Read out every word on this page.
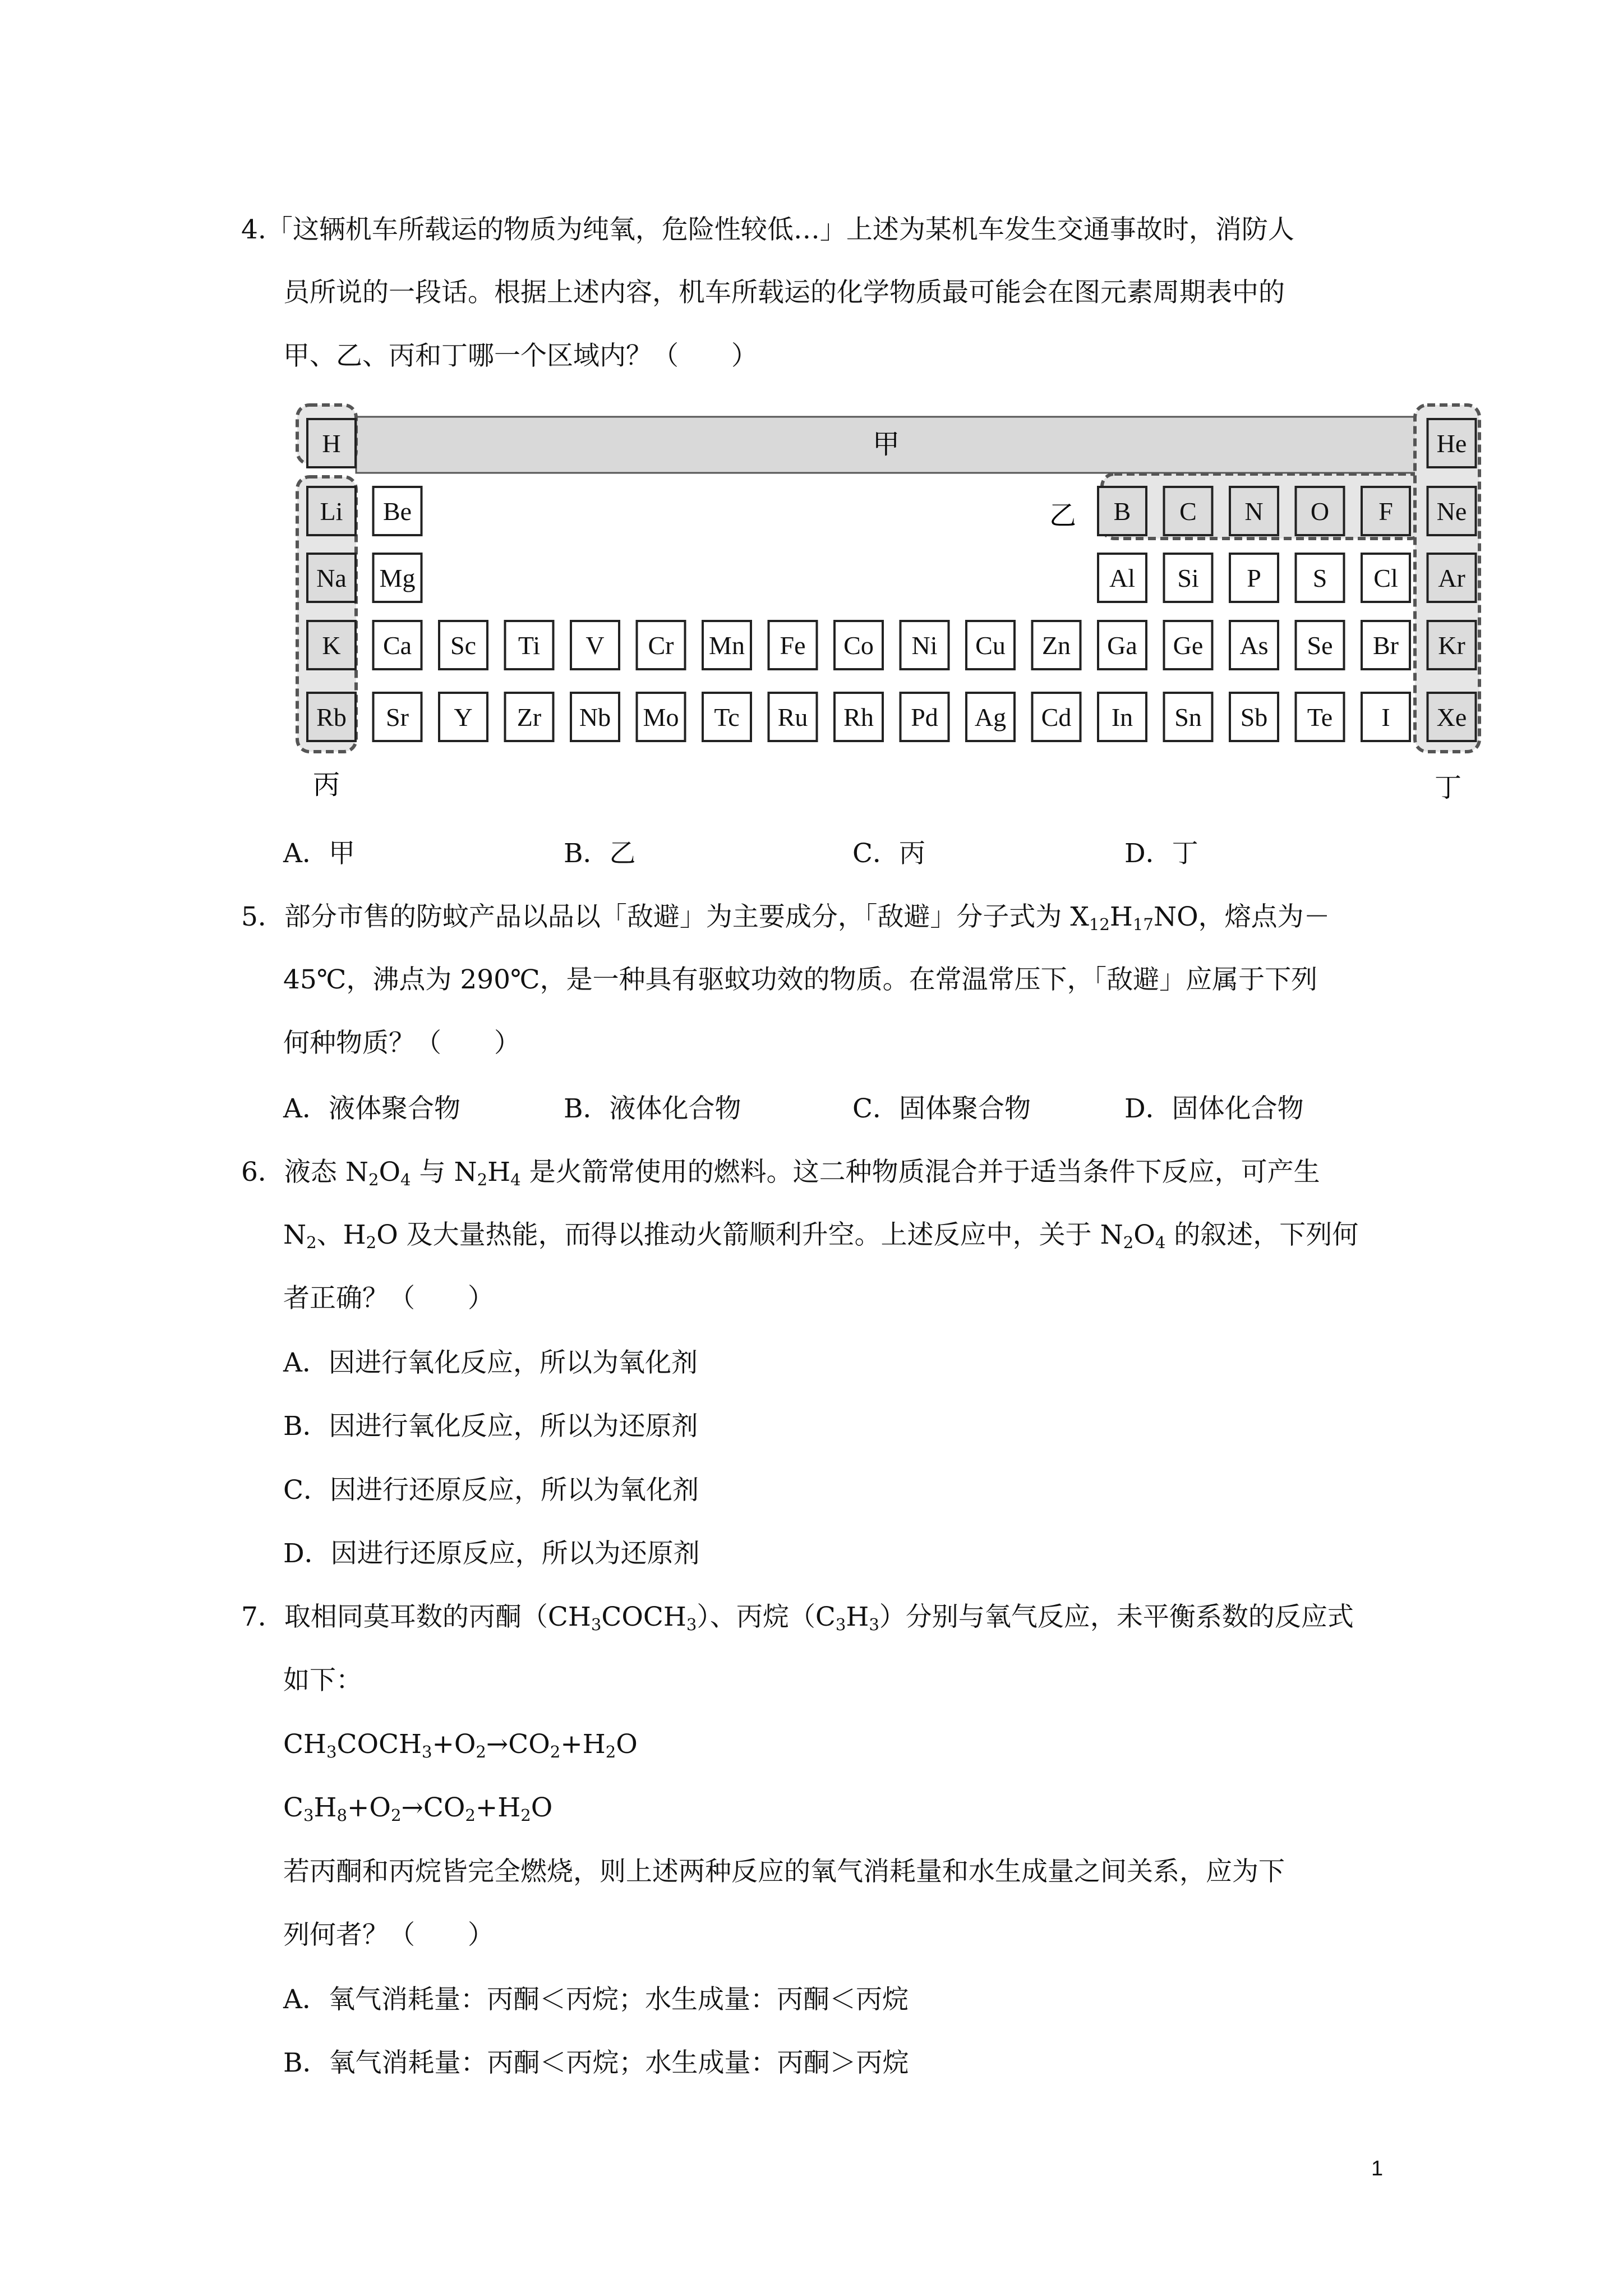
4.「这辆机车所载运的物质为纯氧，危险性较低…」上述为某机车发生交通事故时，消防人
员所说的一段话。根据上述内容，机车所载运的化学物质最可能会在图元素周期表中的
甲、乙、丙和丁哪一个区域内？（　　）
H	He
Li Be	B C N O F Ne
Na Mg	Al Si P S Cl Ar
K Ca Sc Ti V Cr Mn Fe Co Ni Cu Zn Ga Ge As Se Br Kr
Rb Sr Y Zr Nb Mo Tc Ru Rh Pd Ag Cd In Sn Sb Te I Xe
甲
乙
丙	丁
A．甲	B．乙	C．丙	D．丁
5．部分市售的防蚊产品以品以「敌避」为主要成分，「敌避」分子式为 $X_{12}H_{17}NO$，熔点为－
45℃，沸点为 290℃，是一种具有驱蚊功效的物质。在常温常压下，「敌避」应属于下列
何种物质？（　　）
A．液体聚合物	B．液体化合物	C．固体聚合物	D．固体化合物
6．液态 $N_2O_4$ 与 $N_2H_4$ 是火箭常使用的燃料。这二种物质混合并于适当条件下反应，可产生
$N_2$、$H_2O$ 及大量热能，而得以推动火箭顺利升空。上述反应中，关于 $N_2O_4$ 的叙述，下列何
者正确？（　　）
A．因进行氧化反应，所以为氧化剂
B．因进行氧化反应，所以为还原剂
C．因进行还原反应，所以为氧化剂
D．因进行还原反应，所以为还原剂
7．取相同莫耳数的丙酮$(CH_3COCH_3)$、丙烷$(C_3H_3)$分别与氧气反应，未平衡系数的反应式
如下：
$CH_3COCH_3+O_2\to CO_2+H_2O$
$C_3H_8+O_2\to CO_2+H_2O$
若丙酮和丙烷皆完全燃烧，则上述两种反应的氧气消耗量和水生成量之间关系，应为下
列何者？（　　）
A．氧气消耗量：丙酮＜丙烷；水生成量：丙酮＜丙烷
B．氧气消耗量：丙酮＜丙烷；水生成量：丙酮＞丙烷
1
